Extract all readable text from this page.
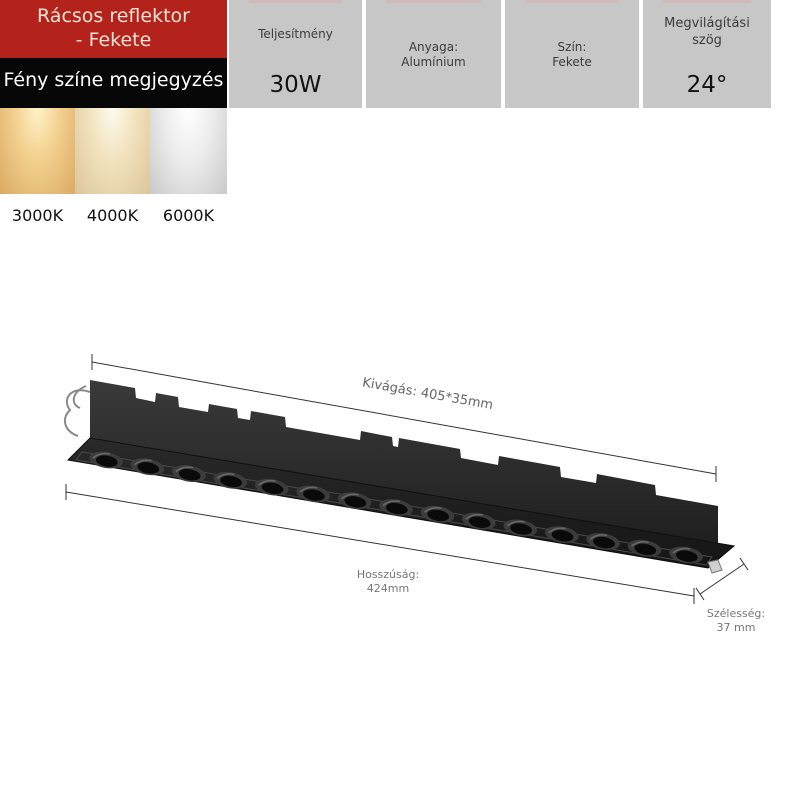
Rácsos reflektor
- Fekete
Fény színe megjegyzés
3000K	4000K	6000K
Teljesítmény
30W
Anyaga:
Alumínium
Szín:
Fekete
Megvilágítási
szög
24°
Kivágás: 405*35mm
Hosszúság:
424mm
Szélesség:
37 mm
